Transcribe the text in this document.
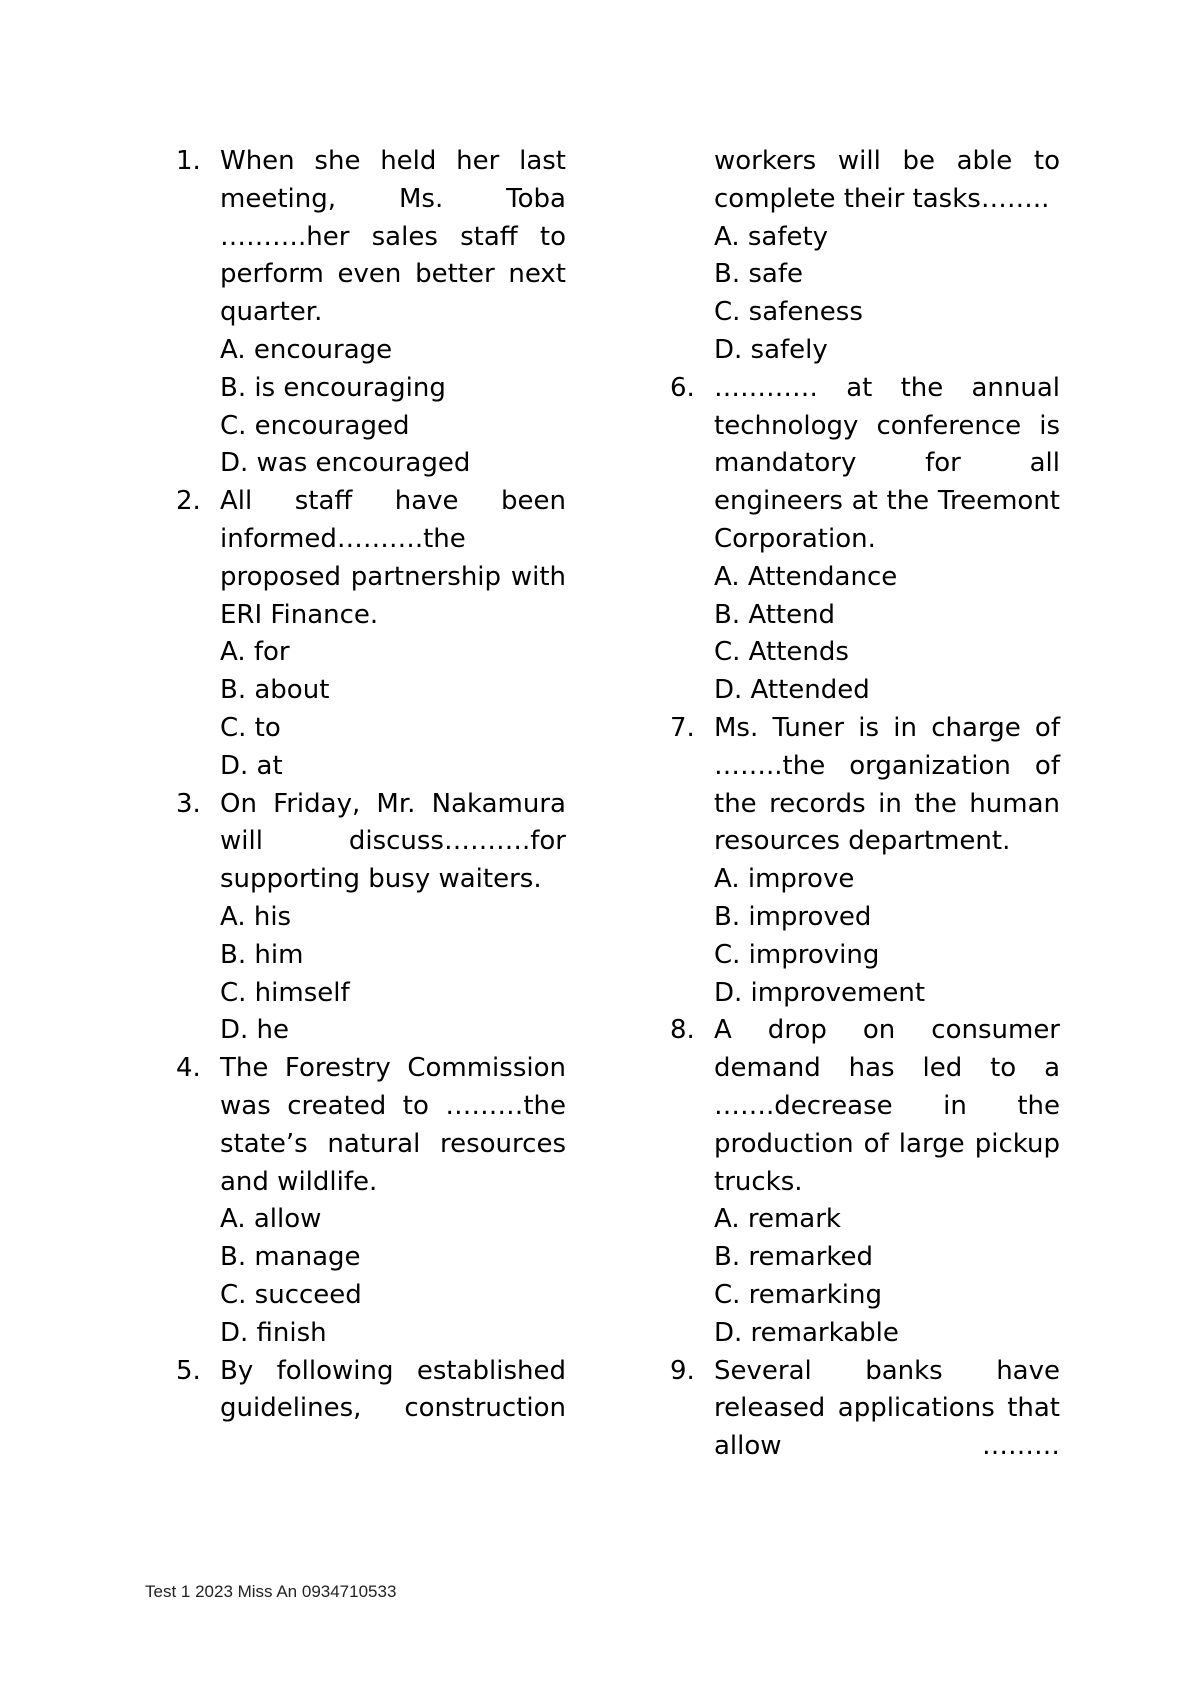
1. When she held her last meeting, Ms. Toba ……….her sales staff to perform even better next quarter.
A. encourage
B. is encouraging
C. encouraged
D. was encouraged
2. All staff have been informed……….the proposed partnership with ERI Finance.
A. for
B. about
C. to
D. at
3. On Friday, Mr. Nakamura will discuss……….for supporting busy waiters.
A. his
B. him
C. himself
D. he
4. The Forestry Commission was created to ………the state’s natural resources and wildlife.
A. allow
B. manage
C. succeed
D. finish
5. By following established guidelines, construction
workers will be able to complete their tasks……..
A. safety
B. safe
C. safeness
D. safely
6. ………… at the annual technology conference is mandatory for all engineers at the Treemont Corporation.
A. Attendance
B. Attend
C. Attends
D. Attended
7. Ms. Tuner is in charge of ……..the organization of the records in the human resources department.
A. improve
B. improved
C. improving
D. improvement
8. A drop on consumer demand has led to a …….decrease in the production of large pickup trucks.
A. remark
B. remarked
C. remarking
D. remarkable
9. Several banks have released applications that allow ………
Test 1 2023 Miss An 0934710533
